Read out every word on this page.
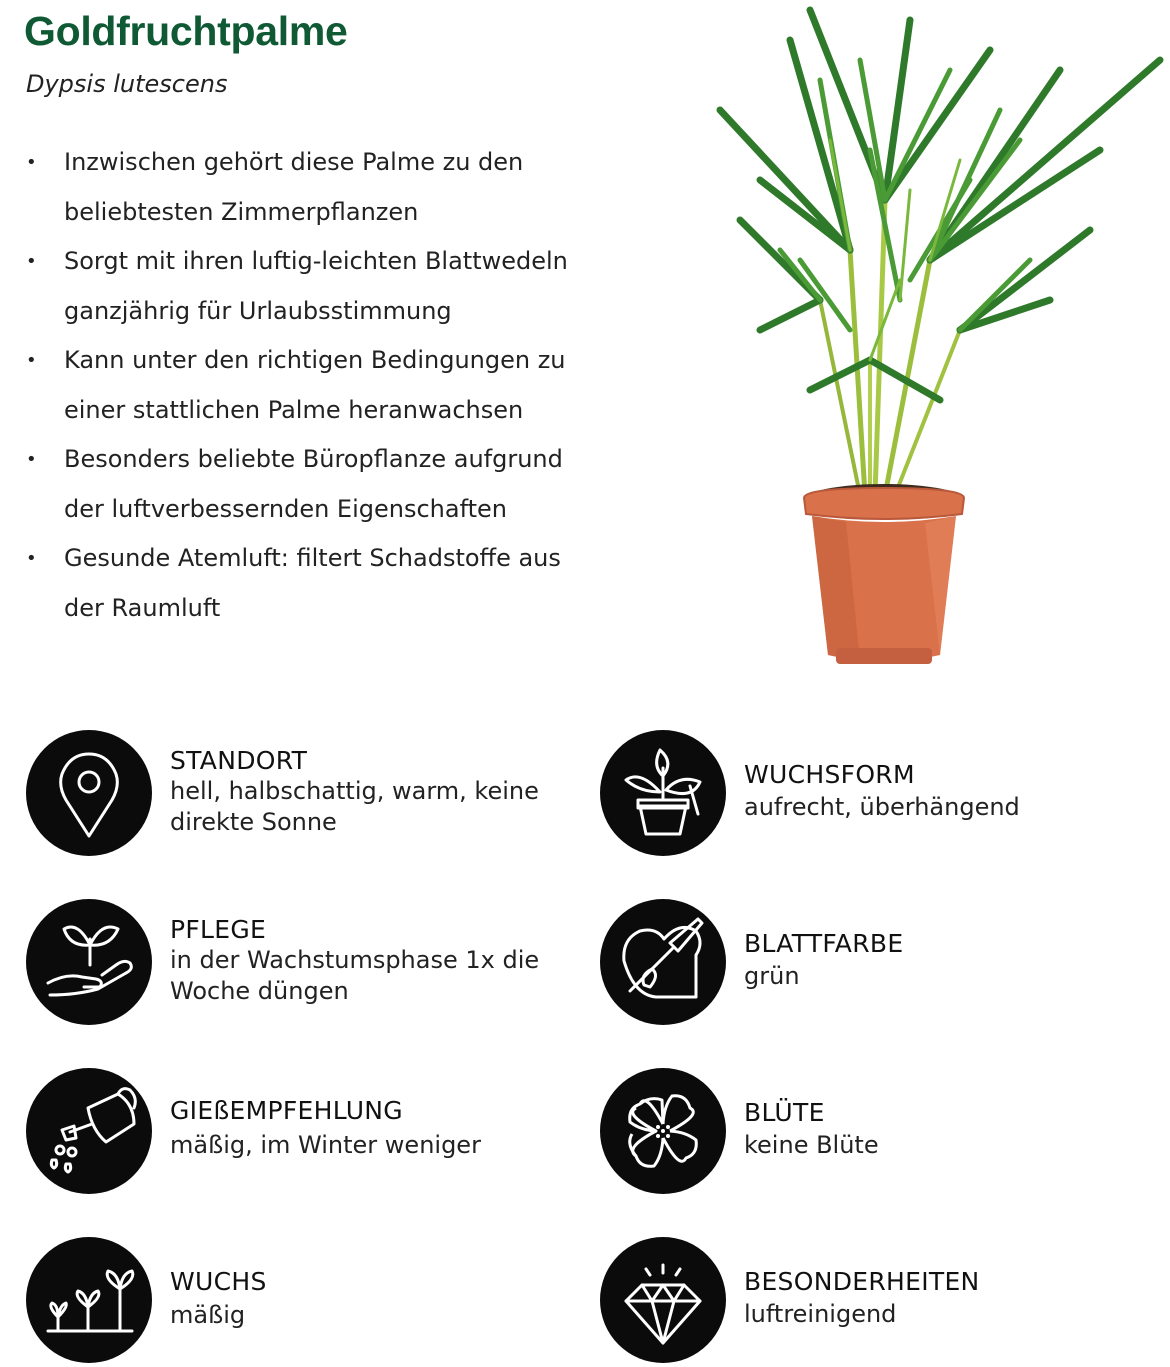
Goldfruchtpalme
Dypsis lutescens
• Inzwischen gehört diese Palme zu den beliebtesten Zimmerpflanzen
• Sorgt mit ihren luftig-leichten Blattwedeln ganzjährig für Urlaubsstimmung
• Kann unter den richtigen Bedingungen zu einer stattlichen Palme heranwachsen
• Besonders beliebte Büropflanze aufgrund der luftverbessernden Eigenschaften
• Gesunde Atemluft: filtert Schadstoffe aus der Raumluft
STANDORT
hell, halbschattig, warm, keine direkte Sonne
WUCHSFORM
aufrecht, überhängend
PFLEGE
in der Wachstumsphase 1x die Woche düngen
BLATTFARBE
grün
GIEßEMPFEHLUNG
mäßig, im Winter weniger
BLÜTE
keine Blüte
WUCHS
mäßig
BESONDERHEITEN
luftreinigend
